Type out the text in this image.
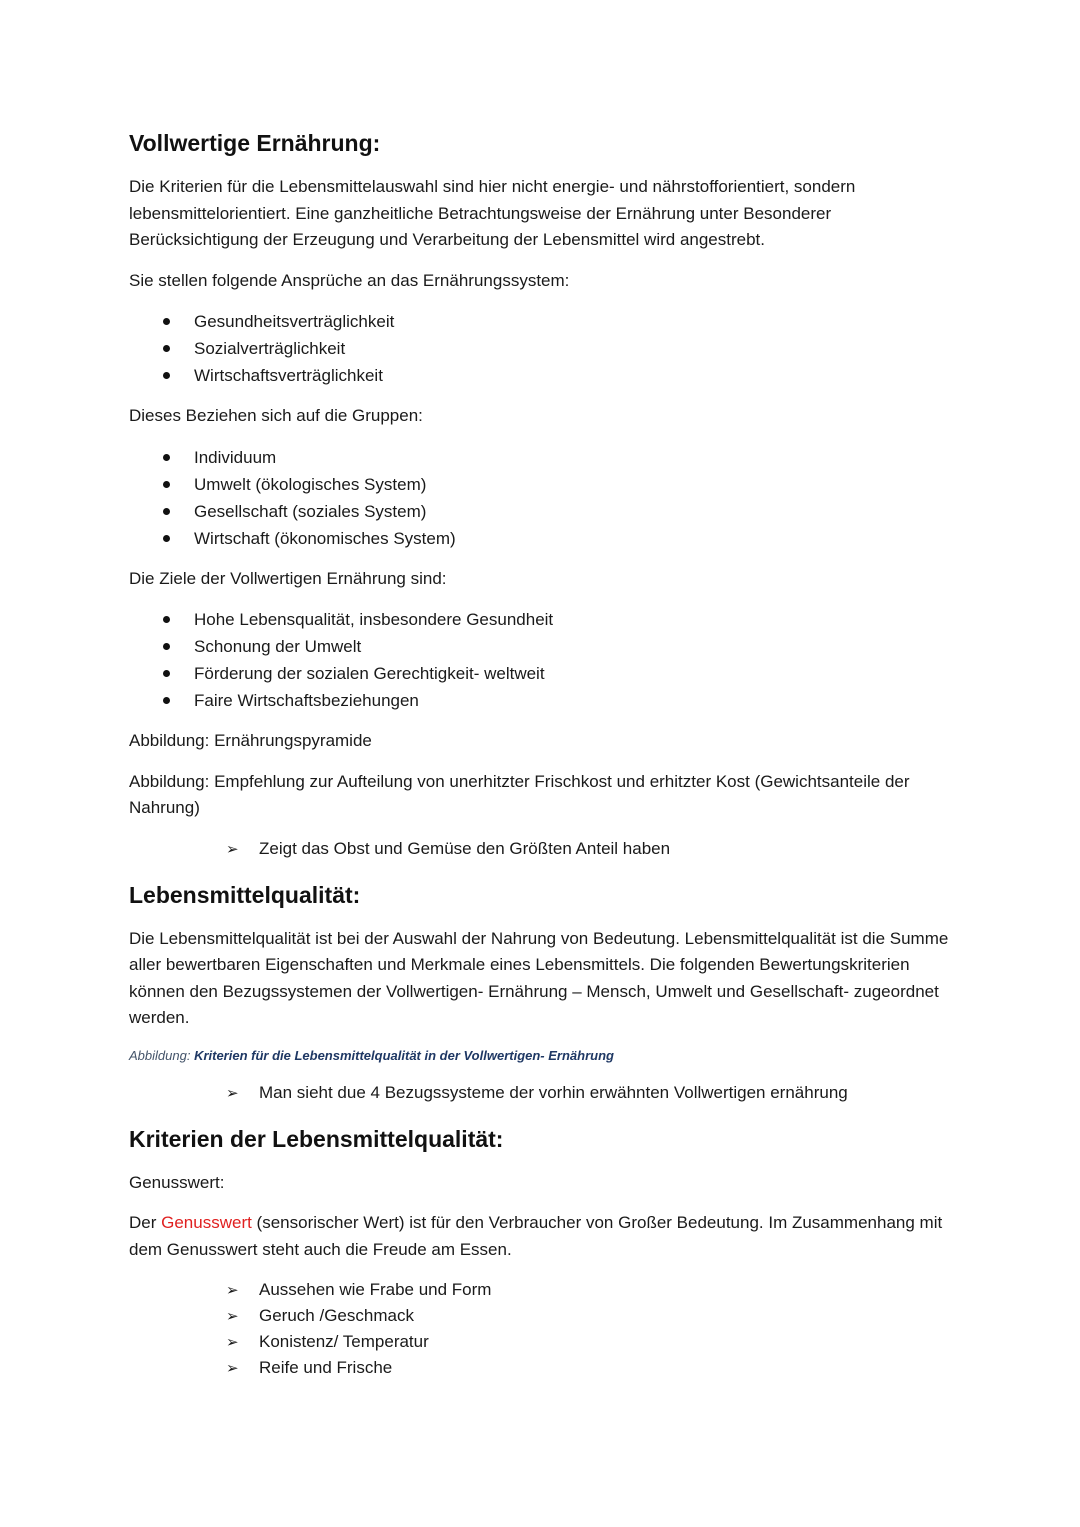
Vollwertige Ernährung:

Die Kriterien für die Lebensmittelauswahl sind hier nicht energie- und nährstofforientiert, sondern lebensmittelorientiert. Eine ganzheitliche Betrachtungsweise der Ernährung unter Besonderer Berücksichtigung der Erzeugung und Verarbeitung der Lebensmittel wird angestrebt.

Sie stellen folgende Ansprüche an das Ernährungssystem:

Gesundheitsverträglichkeit
Sozialverträglichkeit
Wirtschaftsverträglichkeit

Dieses Beziehen sich auf die Gruppen:

Individuum
Umwelt (ökologisches System)
Gesellschaft (soziales System)
Wirtschaft (ökonomisches System)

Die Ziele der Vollwertigen Ernährung sind:

Hohe Lebensqualität, insbesondere Gesundheit
Schonung der Umwelt
Förderung der sozialen Gerechtigkeit- weltweit
Faire Wirtschaftsbeziehungen

Abbildung: Ernährungspyramide

Abbildung: Empfehlung zur Aufteilung von unerhitzter Frischkost und erhitzter Kost (Gewichtsanteile der Nahrung)

➢ Zeigt das Obst und Gemüse den Größten Anteil haben
Lebensmittelqualität:

Die Lebensmittelqualität ist bei der Auswahl der Nahrung von Bedeutung. Lebensmittelqualität ist die Summe aller bewertbaren Eigenschaften und Merkmale eines Lebensmittels. Die folgenden Bewertungskriterien können den Bezugssystemen der Vollwertigen- Ernährung – Mensch, Umwelt und Gesellschaft- zugeordnet werden.

Abbildung: Kriterien für die Lebensmittelqualität in der Vollwertigen- Ernährung
➢ Man sieht due 4 Bezugssysteme der vorhin erwähnten Vollwertigen ernährung
Kriterien der Lebensmittelqualität:

Genusswert:

Der Genusswert (sensorischer Wert) ist für den Verbraucher von Großer Bedeutung. Im Zusammenhang mit dem Genusswert steht auch die Freude am Essen.

➢ Aussehen wie Frabe und Form
➢ Geruch /Geschmack
➢ Konistenz/ Temperatur
➢ Reife und Frische
